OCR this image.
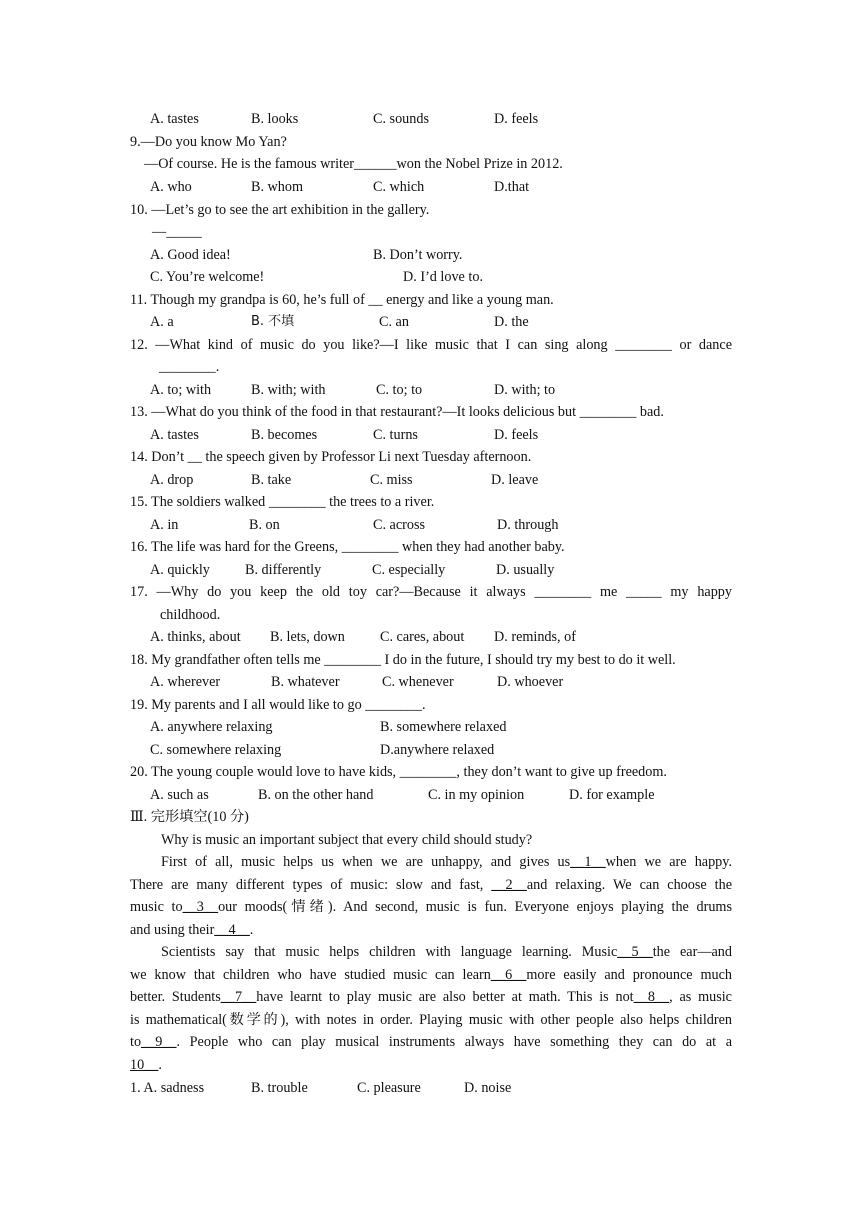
A. tastes	B. looks	C. sounds	D. feels
9.—Do you know Mo Yan?
—Of course. He is the famous writer______won the Nobel Prize in 2012.
A. who	B. whom	C. which	D.that
10. —Let’s go to see the art exhibition in the gallery.
—_____
A. Good idea!	B. Don’t worry.
C. You’re welcome!	D. I’d love to.
11. Though my grandpa is 60, he’s full of __ energy and like a young man.
A. a	B. 不填	C. an	D. the
12. —What kind of music do you like?—I like music that I can sing along ________ or dance
________.
A. to; with	B. with; with	C. to; to	D. with; to
13. —What do you think of the food in that restaurant?—It looks delicious but ________ bad.
A. tastes	B. becomes	C. turns	D. feels
14. Don’t __ the speech given by Professor Li next Tuesday afternoon.
A. drop	B. take	C. miss	D. leave
15. The soldiers walked ________ the trees to a river.
A. in	B. on	C. across	D. through
16. The life was hard for the Greens, ________ when they had another baby.
A. quickly B. differently	C. especially	D. usually
17. —Why do you keep the old toy car?—Because it always ________ me _____ my happy
childhood.
A. thinks, about B. lets, down C. cares, about D. reminds, of
18. My grandfather often tells me ________ I do in the future, I should try my best to do it well.
A. wherever	B. whatever	C. whenever	D. whoever
19. My parents and I all would like to go ________.
A. anywhere relaxing	B. somewhere relaxed
C. somewhere relaxing	D.anywhere relaxed
20. The young couple would love to have kids, ________, they don’t want to give up freedom.
A. such as	B. on the other hand	C. in my opinion	D. for example
Ⅲ. 完形填空(10 分)
Why is music an important subject that every child should study?
First of all, music helps us when we are unhappy, and gives us__1__when we are happy.
There are many different types of music: slow and fast, __2__and relaxing. We can choose the
music to__3__our moods(情绪). And second, music is fun. Everyone enjoys playing the drums
and using their__4__.
Scientists say that music helps children with language learning. Music__5__the ear—and
we know that children who have studied music can learn__6__more easily and pronounce much
better. Students__7__have learnt to play music are also better at math. This is not__8__, as music
is mathematical(数学的), with notes in order. Playing music with other people also helps children
to__9__. People who can play musical instruments always have something they can do at a
10__.
1. A. sadness	B. trouble	C. pleasure	D. noise
